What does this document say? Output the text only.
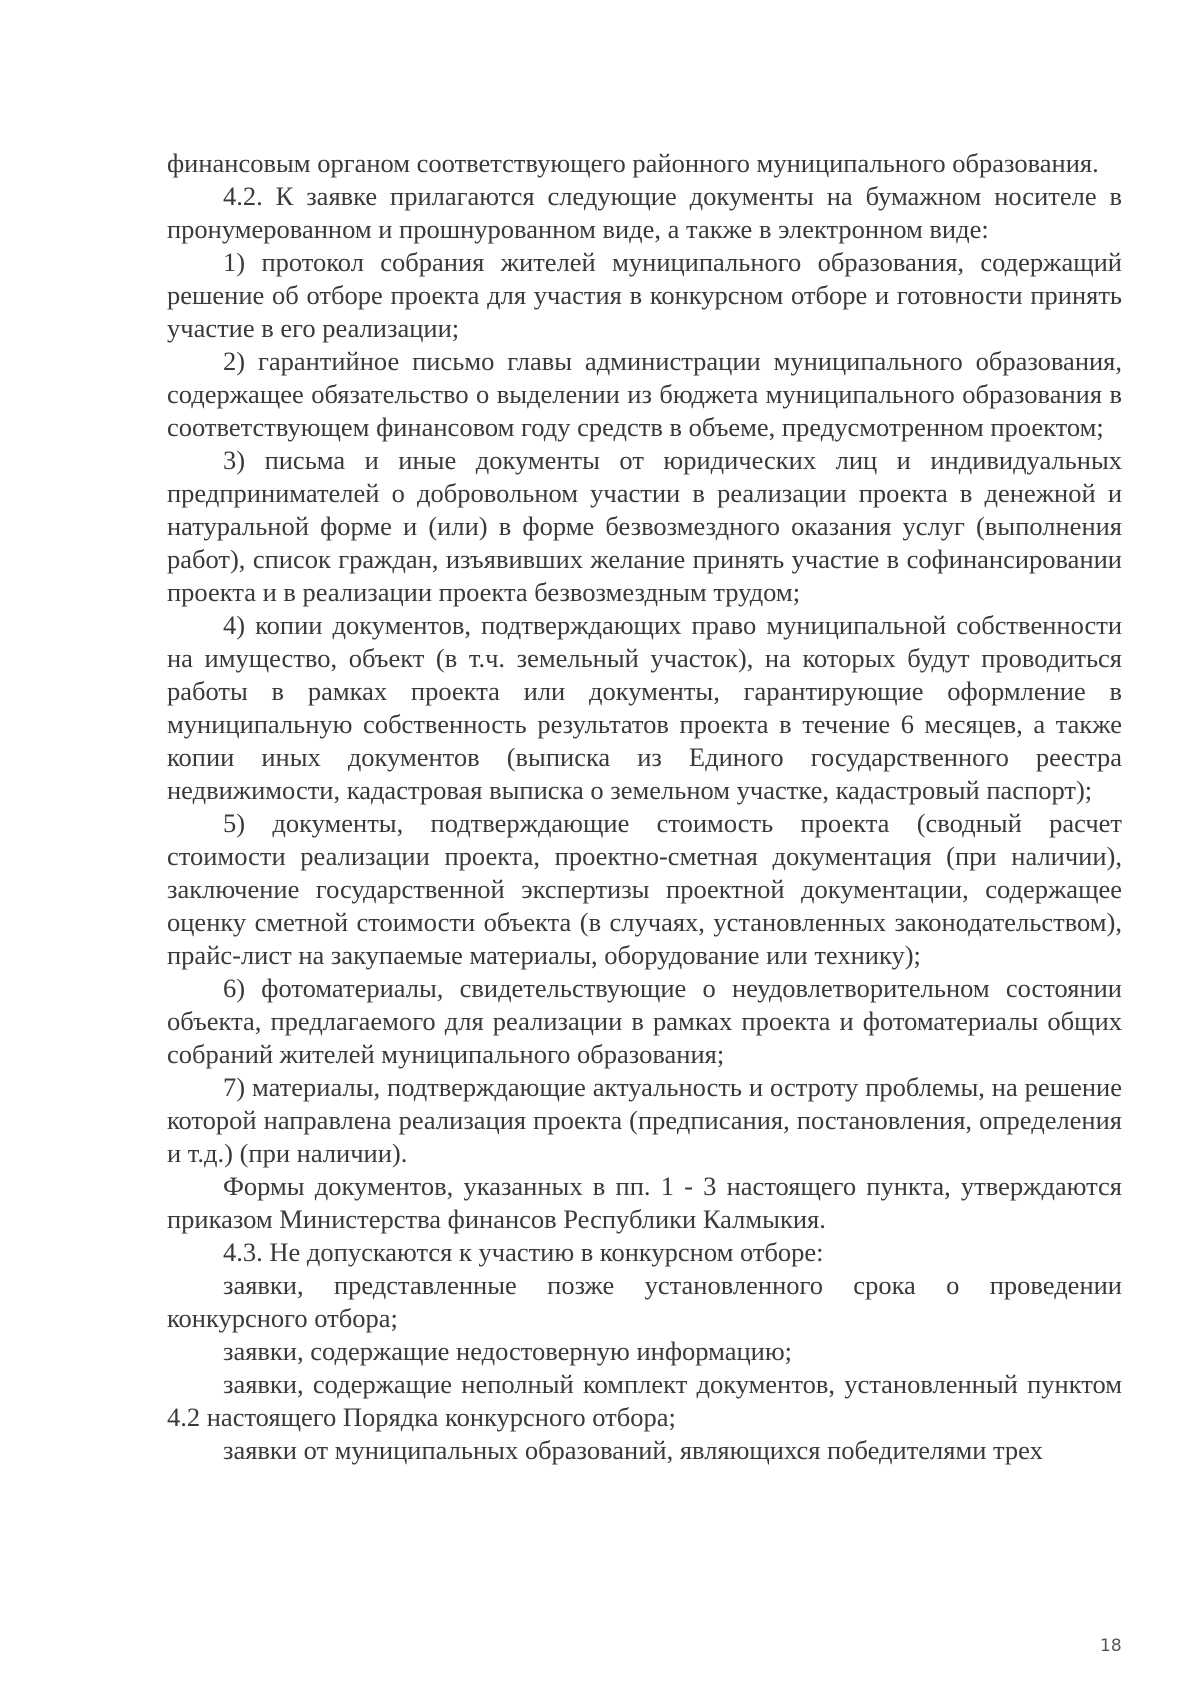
финансовым органом соответствующего районного муниципального образования.

4.2. К заявке прилагаются следующие документы на бумажном носителе в пронумерованном и прошнурованном виде, а также в электронном виде:

1) протокол собрания жителей муниципального образования, содержащий решение об отборе проекта для участия в конкурсном отборе и готовности принять участие в его реализации;

2) гарантийное письмо главы администрации муниципального образования, содержащее обязательство о выделении из бюджета муниципального образования в соответствующем финансовом году средств в объеме, предусмотренном проектом;

3) письма и иные документы от юридических лиц и индивидуальных предпринимателей о добровольном участии в реализации проекта в денежной и натуральной форме и (или) в форме безвозмездного оказания услуг (выполнения работ), список граждан, изъявивших желание принять участие в софинансировании проекта и в реализации проекта безвозмездным трудом;

4) копии документов, подтверждающих право муниципальной собственности на имущество, объект (в т.ч. земельный участок), на которых будут проводиться работы в рамках проекта или документы, гарантирующие оформление в муниципальную собственность результатов проекта в течение 6 месяцев, а также копии иных документов (выписка из Единого государственного реестра недвижимости, кадастровая выписка о земельном участке, кадастровый паспорт);

5) документы, подтверждающие стоимость проекта (сводный расчет стоимости реализации проекта, проектно-сметная документация (при наличии), заключение государственной экспертизы проектной документации, содержащее оценку сметной стоимости объекта (в случаях, установленных законодательством), прайс-лист на закупаемые материалы, оборудование или технику);

6) фотоматериалы, свидетельствующие о неудовлетворительном состоянии объекта, предлагаемого для реализации в рамках проекта и фотоматериалы общих собраний жителей муниципального образования;

7) материалы, подтверждающие актуальность и остроту проблемы, на решение которой направлена реализация проекта (предписания, постановления, определения и т.д.) (при наличии).

Формы документов, указанных в пп. 1 - 3 настоящего пункта, утверждаются приказом Министерства финансов Республики Калмыкия.

4.3. Не допускаются к участию в конкурсном отборе:

заявки, представленные позже установленного срока о проведении конкурсного отбора;

заявки, содержащие недостоверную информацию;

заявки, содержащие неполный комплект документов, установленный пунктом 4.2 настоящего Порядка конкурсного отбора;

заявки от муниципальных образований, являющихся победителями трех

18
